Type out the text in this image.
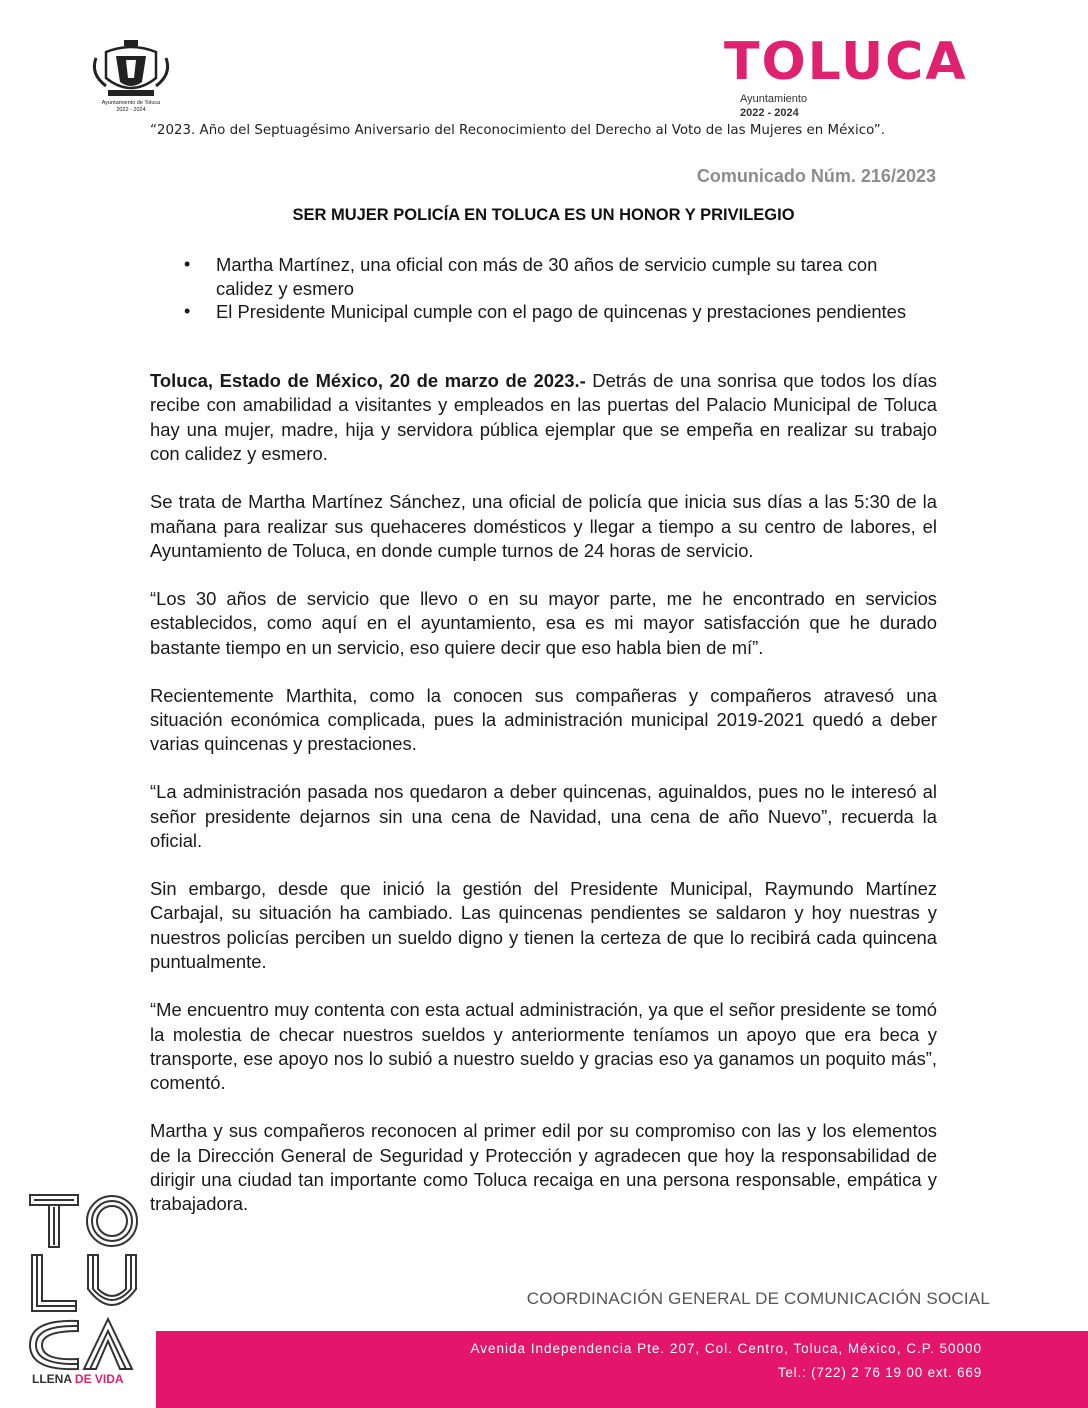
Ayuntamiento de Toluca
2022 - 2024
TOLUCA
Ayuntamiento
2022 - 2024
“2023. Año del Septuagésimo Aniversario del Reconocimiento del Derecho al Voto de las Mujeres en México”.
Comunicado Núm. 216/2023
SER MUJER POLICÍA EN TOLUCA ES UN HONOR Y PRIVILEGIO
• Martha Martínez, una oficial con más de 30 años de servicio cumple su tarea con calidez y esmero
• El Presidente Municipal cumple con el pago de quincenas y prestaciones pendientes

Toluca, Estado de México, 20 de marzo de 2023.- Detrás de una sonrisa que todos los días recibe con amabilidad a visitantes y empleados en las puertas del Palacio Municipal de Toluca hay una mujer, madre, hija y servidora pública ejemplar que se empeña en realizar su trabajo con calidez y esmero.

Se trata de Martha Martínez Sánchez, una oficial de policía que inicia sus días a las 5:30 de la mañana para realizar sus quehaceres domésticos y llegar a tiempo a su centro de labores, el Ayuntamiento de Toluca, en donde cumple turnos de 24 horas de servicio.

“Los 30 años de servicio que llevo o en su mayor parte, me he encontrado en servicios establecidos, como aquí en el ayuntamiento, esa es mi mayor satisfacción que he durado bastante tiempo en un servicio, eso quiere decir que eso habla bien de mí”.

Recientemente Marthita, como la conocen sus compañeras y compañeros atravesó una situación económica complicada, pues la administración municipal 2019-2021 quedó a deber varias quincenas y prestaciones.

“La administración pasada nos quedaron a deber quincenas, aguinaldos, pues no le interesó al señor presidente dejarnos sin una cena de Navidad, una cena de año Nuevo”, recuerda la oficial.

Sin embargo, desde que inició la gestión del Presidente Municipal, Raymundo Martínez Carbajal, su situación ha cambiado. Las quincenas pendientes se saldaron y hoy nuestras y nuestros policías perciben un sueldo digno y tienen la certeza de que lo recibirá cada quincena puntualmente.

“Me encuentro muy contenta con esta actual administración, ya que el señor presidente se tomó la molestia de checar nuestros sueldos y anteriormente teníamos un apoyo que era beca y transporte, ese apoyo nos lo subió a nuestro sueldo y gracias eso ya ganamos un poquito más”, comentó.

Martha y sus compañeros reconocen al primer edil por su compromiso con las y los elementos de la Dirección General de Seguridad y Protección y agradecen que hoy la responsabilidad de dirigir una ciudad tan importante como Toluca recaiga en una persona responsable, empática y trabajadora.

LLENA DE VIDA
COORDINACIÓN GENERAL DE COMUNICACIÓN SOCIAL
Avenida Independencia Pte. 207, Col. Centro, Toluca, México, C.P. 50000
Tel.: (722) 2 76 19 00 ext. 669
